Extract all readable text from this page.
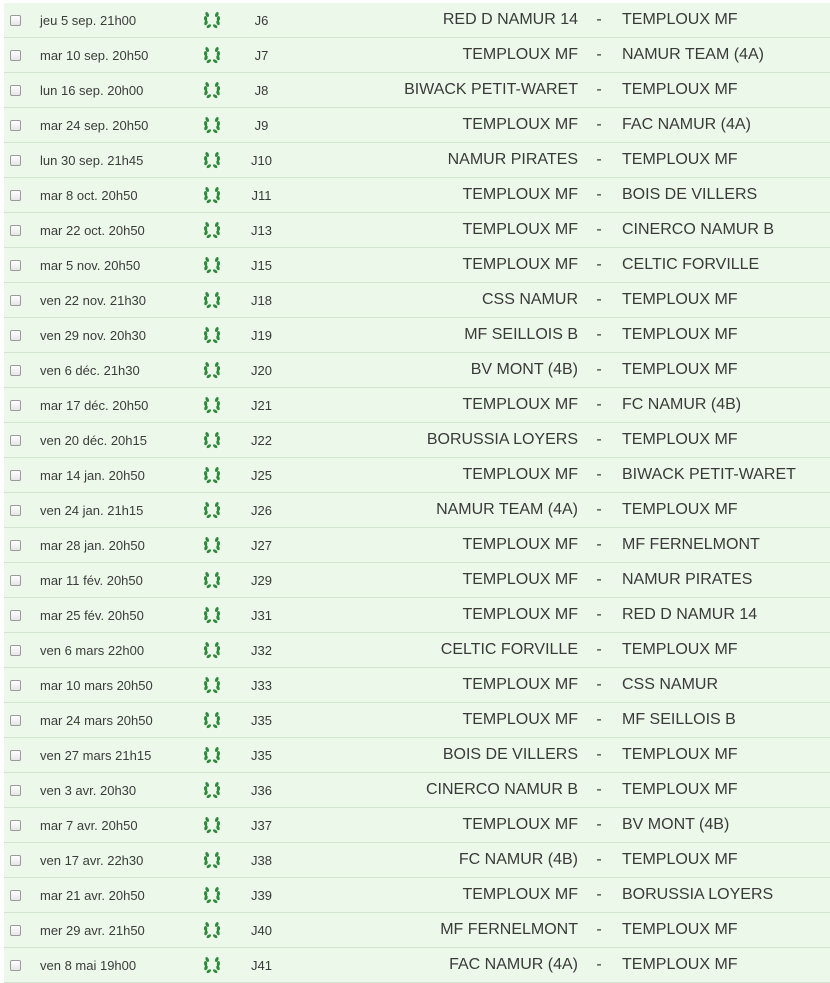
jeu 5 sep. 21h00	J6	RED D NAMUR 14 - TEMPLOUX MF
mar 10 sep. 20h50	J7	TEMPLOUX MF - NAMUR TEAM (4A)
lun 16 sep. 20h00	J8	BIWACK PETIT-WARET - TEMPLOUX MF
mar 24 sep. 20h50	J9	TEMPLOUX MF - FAC NAMUR (4A)
lun 30 sep. 21h45	J10	NAMUR PIRATES - TEMPLOUX MF
mar 8 oct. 20h50	J11	TEMPLOUX MF - BOIS DE VILLERS
mar 22 oct. 20h50	J13	TEMPLOUX MF - CINERCO NAMUR B
mar 5 nov. 20h50	J15	TEMPLOUX MF - CELTIC FORVILLE
ven 22 nov. 21h30	J18	CSS NAMUR - TEMPLOUX MF
ven 29 nov. 20h30	J19	MF SEILLOIS B - TEMPLOUX MF
ven 6 déc. 21h30	J20	BV MONT (4B) - TEMPLOUX MF
mar 17 déc. 20h50	J21	TEMPLOUX MF - FC NAMUR (4B)
ven 20 déc. 20h15	J22	BORUSSIA LOYERS - TEMPLOUX MF
mar 14 jan. 20h50	J25	TEMPLOUX MF - BIWACK PETIT-WARET
ven 24 jan. 21h15	J26	NAMUR TEAM (4A) - TEMPLOUX MF
mar 28 jan. 20h50	J27	TEMPLOUX MF - MF FERNELMONT
mar 11 fév. 20h50	J29	TEMPLOUX MF - NAMUR PIRATES
mar 25 fév. 20h50	J31	TEMPLOUX MF - RED D NAMUR 14
ven 6 mars 22h00	J32	CELTIC FORVILLE - TEMPLOUX MF
mar 10 mars 20h50	J33	TEMPLOUX MF - CSS NAMUR
mar 24 mars 20h50	J35	TEMPLOUX MF - MF SEILLOIS B
ven 27 mars 21h15	J35	BOIS DE VILLERS - TEMPLOUX MF
ven 3 avr. 20h30	J36	CINERCO NAMUR B - TEMPLOUX MF
mar 7 avr. 20h50	J37	TEMPLOUX MF - BV MONT (4B)
ven 17 avr. 22h30	J38	FC NAMUR (4B) - TEMPLOUX MF
mar 21 avr. 20h50	J39	TEMPLOUX MF - BORUSSIA LOYERS
mer 29 avr. 21h50	J40	MF FERNELMONT - TEMPLOUX MF
ven 8 mai 19h00	J41	FAC NAMUR (4A) - TEMPLOUX MF
